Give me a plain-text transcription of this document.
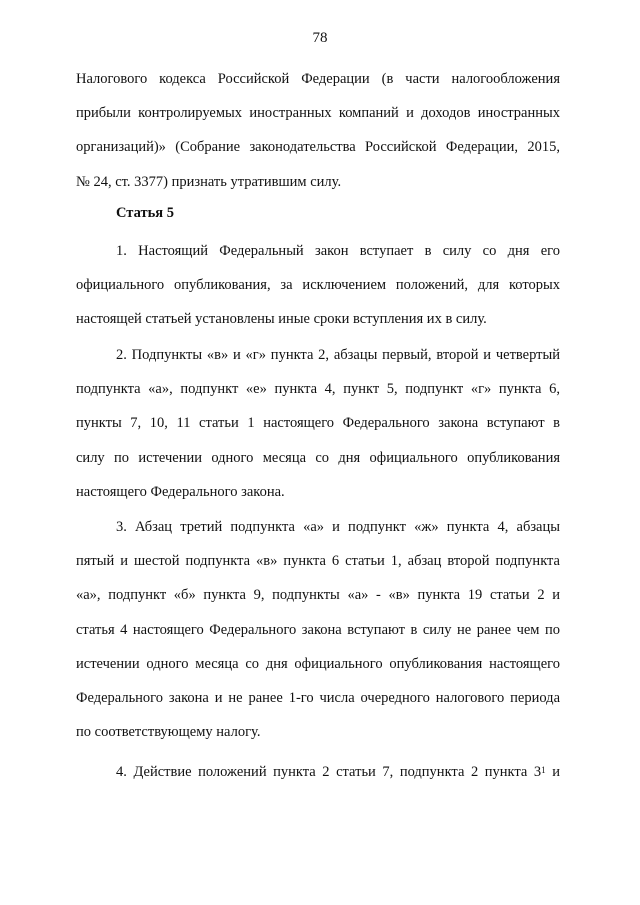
78
Налогового кодекса Российской Федерации (в части налогообложения
прибыли контролируемых иностранных компаний и доходов иностранных
организаций)» (Собрание законодательства Российской Федерации, 2015,
№ 24, ст. 3377) признать утратившим силу.
Статья 5
1. Настоящий Федеральный закон вступает в силу со дня его
официального опубликования, за исключением положений, для которых
настоящей статьей установлены иные сроки вступления их в силу.
2. Подпункты «в» и «г» пункта 2, абзацы первый, второй и четвертый
подпункта «а», подпункт «е» пункта 4, пункт 5, подпункт «г» пункта 6,
пункты 7, 10, 11 статьи 1 настоящего Федерального закона вступают в
силу по истечении одного месяца со дня официального опубликования
настоящего Федерального закона.
3. Абзац третий подпункта «а» и подпункт «ж» пункта 4, абзацы
пятый и шестой подпункта «в» пункта 6 статьи 1, абзац второй подпункта
«а», подпункт «б» пункта 9, подпункты «а» - «в» пункта 19 статьи 2 и
статья 4 настоящего Федерального закона вступают в силу не ранее чем по
истечении одного месяца со дня официального опубликования настоящего
Федерального закона и не ранее 1-го числа очередного налогового периода
по соответствующему налогу.
4. Действие положений пункта 2 статьи 7, подпункта 2 пункта $3^1$ и
